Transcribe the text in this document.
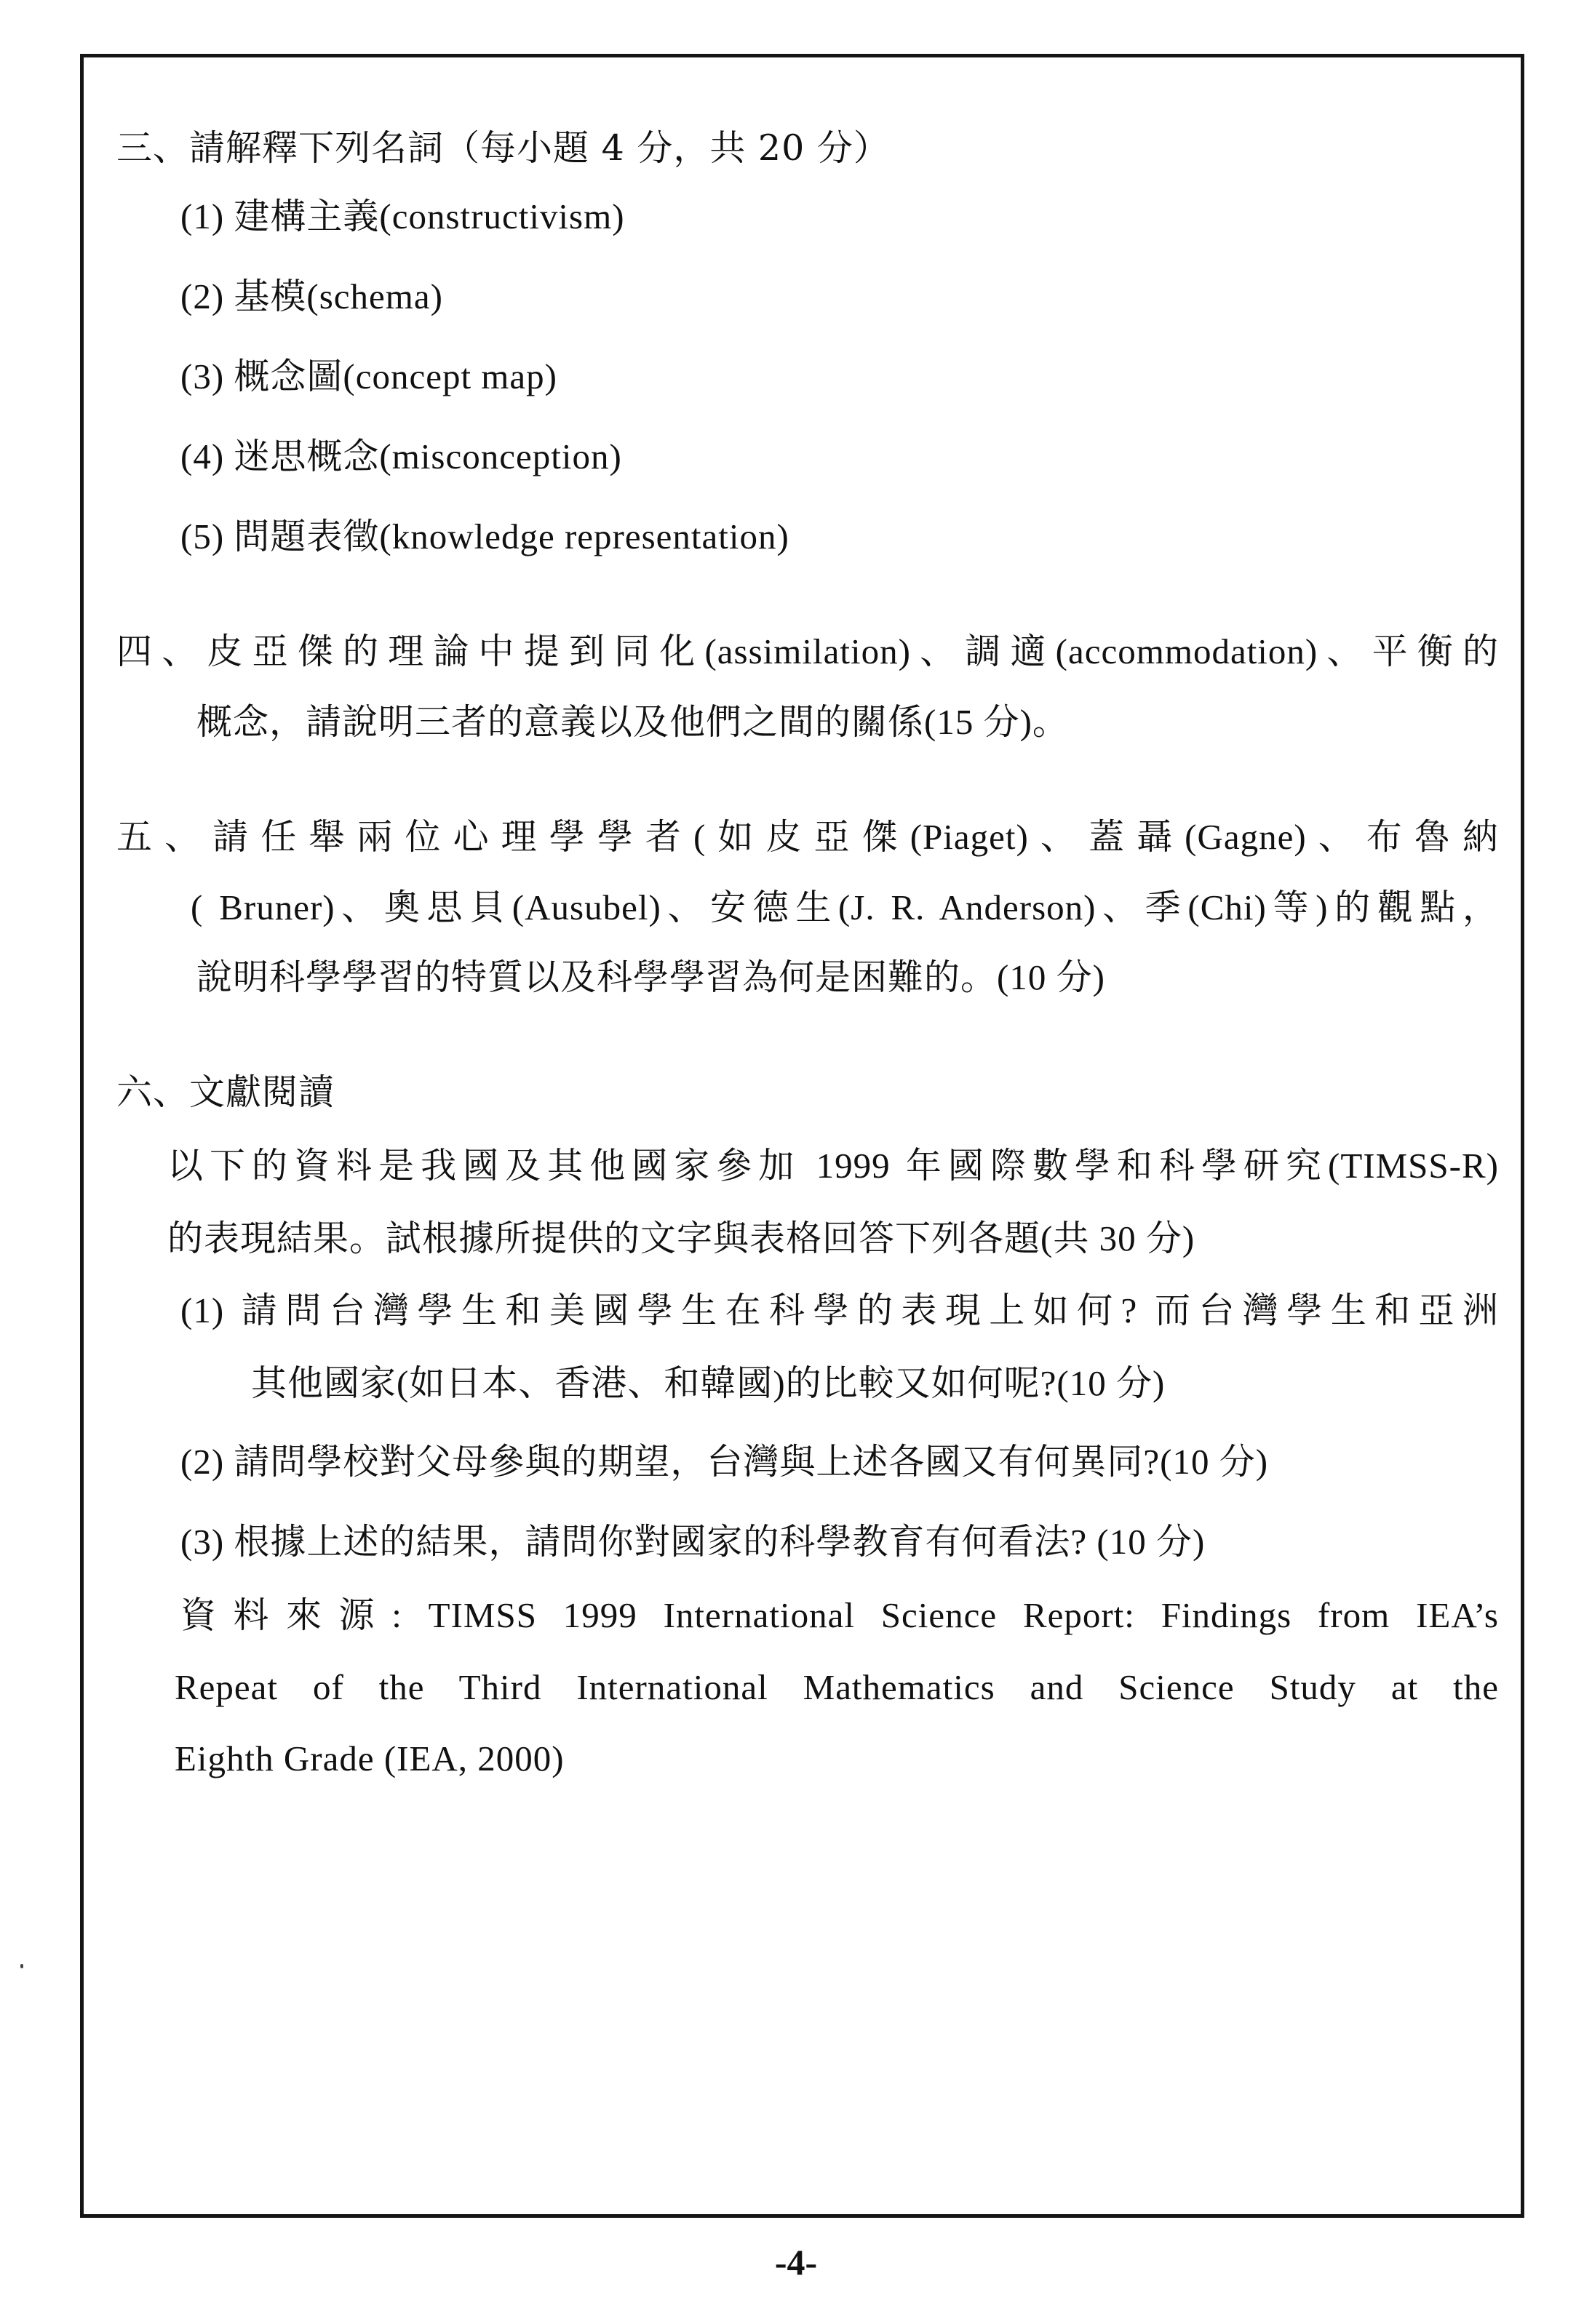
三、請解釋下列名詞（每小題 4 分，共 20 分）
(1) 建構主義(constructivism)
(2) 基模(schema)
(3) 概念圖(concept map)
(4) 迷思概念(misconception)
(5) 問題表徵(knowledge representation)
四、皮亞傑的理論中提到同化(assimilation)、調適(accommodation)、平衡的
概念，請說明三者的意義以及他們之間的關係(15 分)。
五、請任舉兩位心理學學者(如皮亞傑(Piaget)、蓋聶(Gagne)、布魯納
( Bruner)、奧思貝(Ausubel)、安德生(J. R. Anderson)、季(Chi)等)的觀點，
說明科學學習的特質以及科學學習為何是困難的。(10 分)
六、文獻閱讀
以下的資料是我國及其他國家參加 1999 年國際數學和科學研究(TIMSS-R)
的表現結果。試根據所提供的文字與表格回答下列各題(共 30 分)
(1) 請問台灣學生和美國學生在科學的表現上如何? 而台灣學生和亞洲
其他國家(如日本、香港、和韓國)的比較又如何呢?(10 分)
(2) 請問學校對父母參與的期望，台灣與上述各國又有何異同?(10 分)
(3) 根據上述的結果，請問你對國家的科學教育有何看法? (10 分)
資料來源: TIMSS 1999 International Science Report: Findings from IEA’s
Repeat of the Third International Mathematics and Science Study at the
Eighth Grade (IEA, 2000)
-4-
